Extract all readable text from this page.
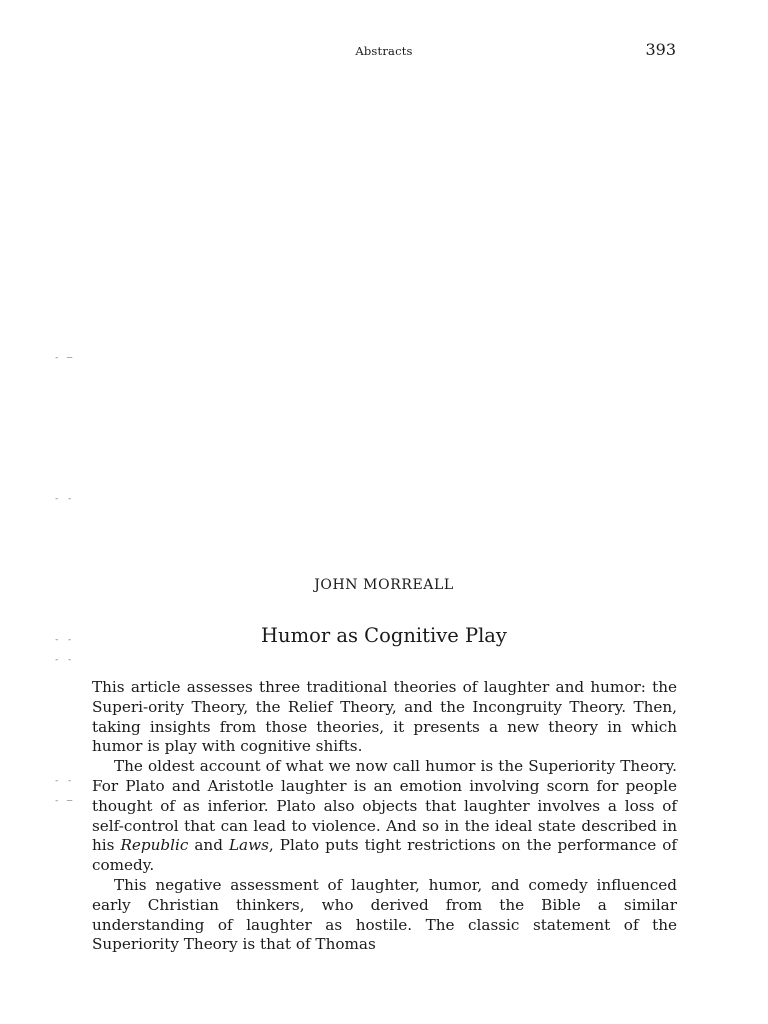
Abstracts	393
- –
- -
- -
- -
- -
- –
JOHN MORREALL
Humor as Cognitive Play

This article assesses three traditional theories of laughter and humor: the Superi-ority Theory, the Relief Theory, and the Incongruity Theory. Then, taking insights from those theories, it presents a new theory in which humor is play with cognitive shifts.

The oldest account of what we now call humor is the Superiority Theory. For Plato and Aristotle laughter is an emotion involving scorn for people thought of as inferior. Plato also objects that laughter involves a loss of self-control that can lead to violence. And so in the ideal state described in his Republic and Laws, Plato puts tight restrictions on the performance of comedy.

This negative assessment of laughter, humor, and comedy influenced early Christian thinkers, who derived from the Bible a similar understanding of laughter as hostile. The classic statement of the Superiority Theory is that of Thomas
